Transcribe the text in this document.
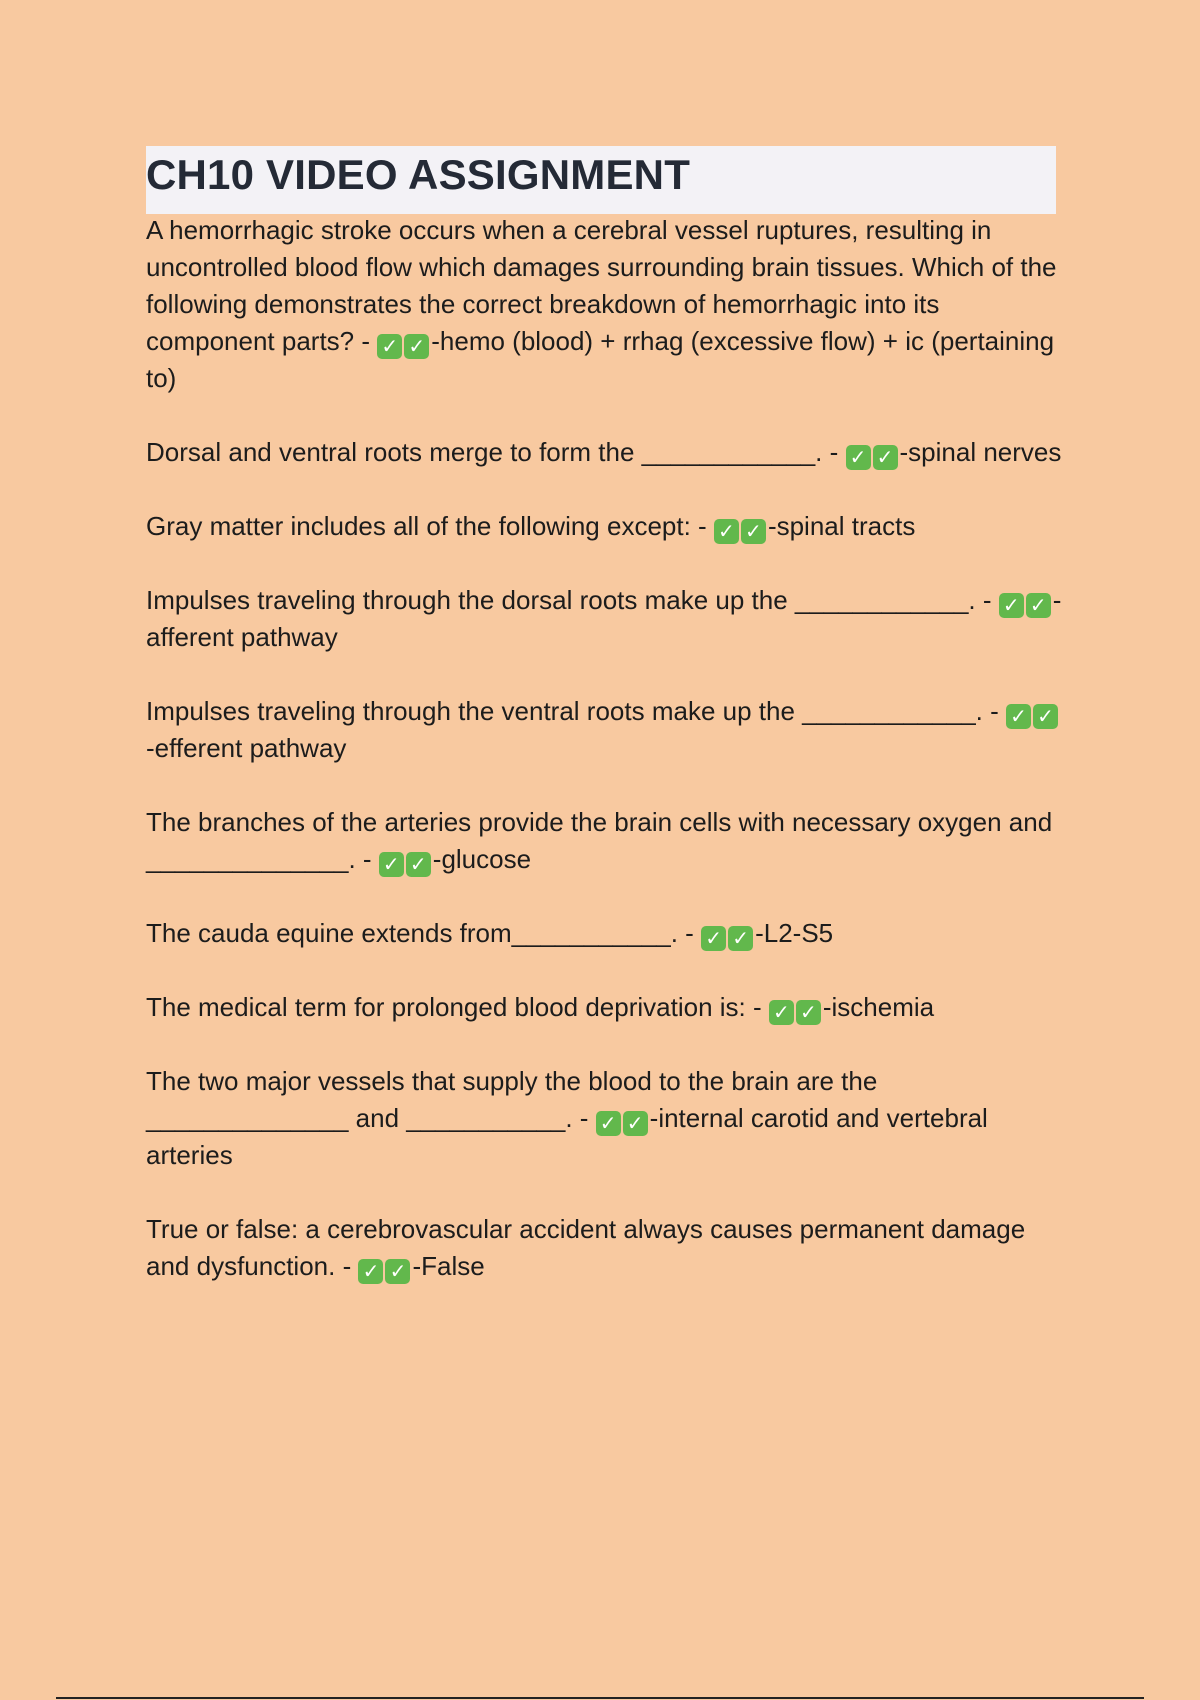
CH10 VIDEO ASSIGNMENT

A hemorrhagic stroke occurs when a cerebral vessel ruptures, resulting in uncontrolled blood flow which damages surrounding brain tissues. Which of the following demonstrates the correct breakdown of hemorrhagic into its component parts? - ✓ ✓ -hemo (blood) + rrhag (excessive flow) + ic (pertaining to)

Dorsal and ventral roots merge to form the ____________. - ✓ ✓ -spinal nerves

Gray matter includes all of the following except: - ✓ ✓ -spinal tracts

Impulses traveling through the dorsal roots make up the ____________. - ✓ ✓ -afferent pathway

Impulses traveling through the ventral roots make up the ____________. - ✓ ✓-efferent pathway

The branches of the arteries provide the brain cells with necessary oxygen and ______________. - ✓ ✓ -glucose

The cauda equine extends from___________. - ✓ ✓ -L2-S5

The medical term for prolonged blood deprivation is: - ✓ ✓ -ischemia

The two major vessels that supply the blood to the brain are the ______________ and ___________. - ✓ ✓ -internal carotid and vertebral arteries

True or false: a cerebrovascular accident always causes permanent damage and dysfunction. - ✓ ✓ -False
